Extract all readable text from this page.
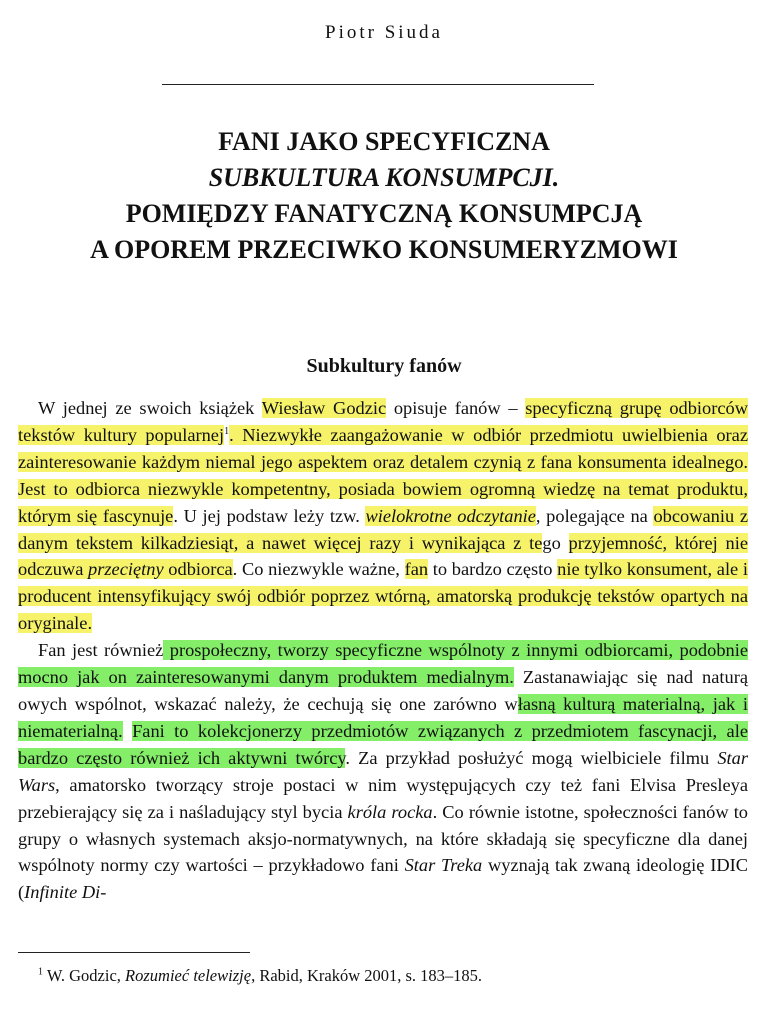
Piotr Siuda
FANI JAKO SPECYFICZNA
SUBKULTURA KONSUMPCJI.
POMIĘDZY FANATYCZNĄ KONSUMPCJĄ
A OPOREM PRZECIWKO KONSUMERYZMOWI
Subkultury fanów

W jednej ze swoich książek Wiesław Godzic opisuje fanów – specyficzną grupę odbiorców tekstów kultury popularnej$^1$. Niezwykłe zaangażowanie w odbiór przedmiotu uwielbienia oraz zainteresowanie każdym niemal jego aspektem oraz detalem czynią z fana konsumenta idealnego. Jest to odbiorca niezwykle kompetentny, posiada bowiem ogromną wiedzę na temat produktu, którym się fascynuje. U jej podstaw leży tzw. wielokrotne odczytanie, polegające na obcowaniu z danym tekstem kilkadziesiąt, a nawet więcej razy i wynikająca z tego przyjemność, której nie odczuwa przeciętny odbiorca. Co niezwykle ważne, fan to bardzo często nie tylko konsument, ale i producent intensyfikujący swój odbiór poprzez wtórną, amatorską produkcję tekstów opartych na oryginale.

Fan jest również prospołeczny, tworzy specyficzne wspólnoty z innymi odbiorcami, podobnie mocno jak on zainteresowanymi danym produktem medialnym. Zastanawiając się nad naturą owych wspólnot, wskazać należy, że cechują się one zarówno własną kulturą materialną, jak i niematerialną. Fani to kolekcjonerzy przedmiotów związanych z przedmiotem fascynacji, ale bardzo często również ich aktywni twórcy. Za przykład posłużyć mogą wielbiciele filmu Star Wars, amatorsko tworzący stroje postaci w nim występujących czy też fani Elvisa Presleya przebierający się za i naśladujący styl bycia króla rocka. Co równie istotne, społeczności fanów to grupy o własnych systemach aksjo-normatywnych, na które składają się specyficzne dla danej wspólnoty normy czy wartości – przykładowo fani Star Treka wyznają tak zwaną ideologię IDIC (Infinite Di-

$^1$ W. Godzic, Rozumieć telewizję, Rabid, Kraków 2001, s. 183–185.
